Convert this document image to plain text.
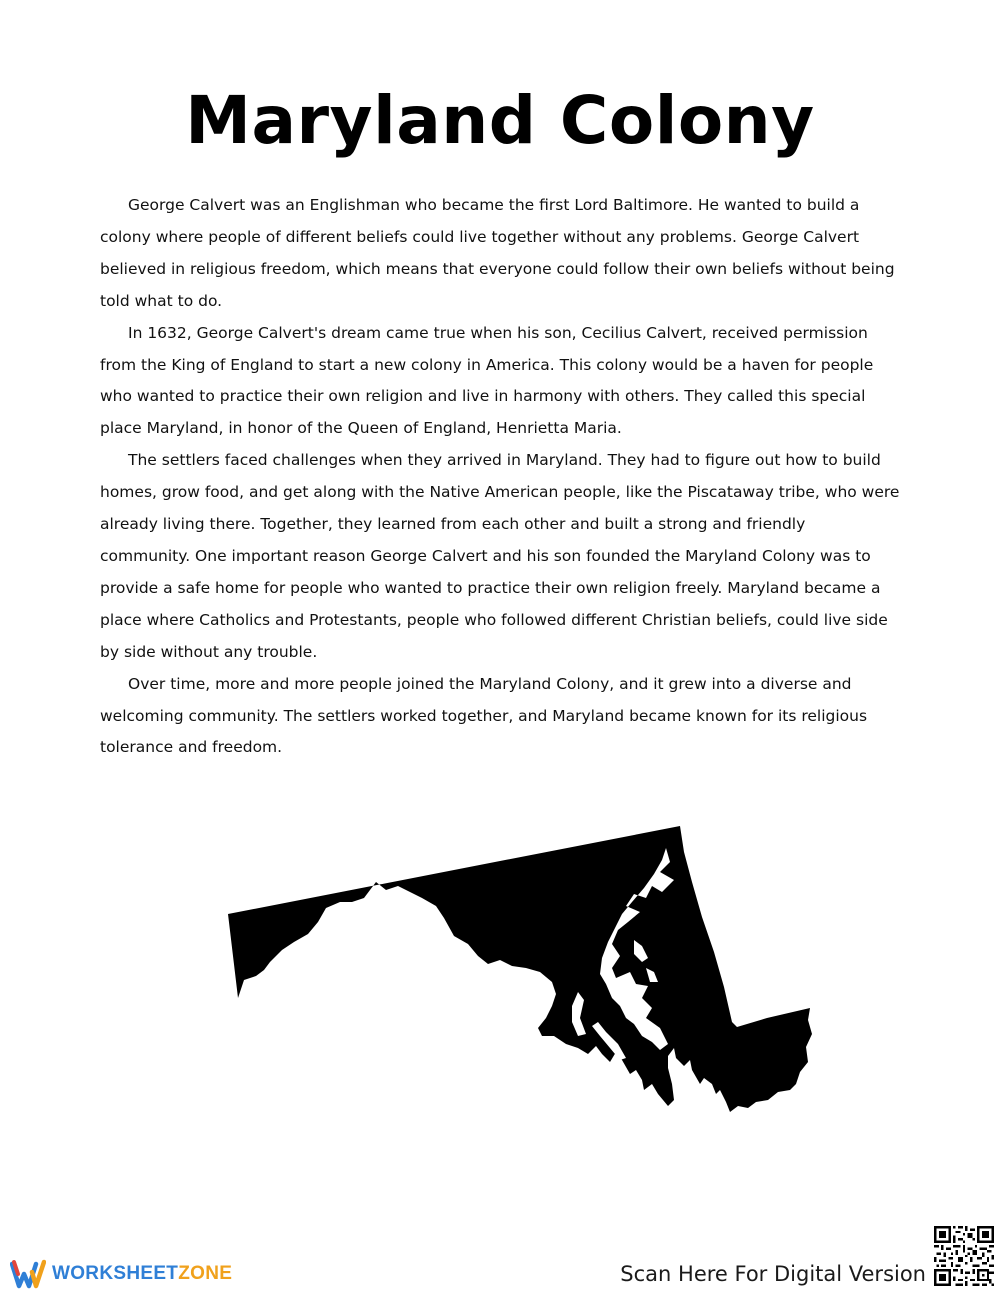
Maryland Colony

George Calvert was an Englishman who became the first Lord Baltimore. He wanted to build a colony where people of different beliefs could live together without any problems. George Calvert believed in religious freedom, which means that everyone could follow their own beliefs without being told what to do.

In 1632, George Calvert's dream came true when his son, Cecilius Calvert, received permission from the King of England to start a new colony in America. This colony would be a haven for people who wanted to practice their own religion and live in harmony with others. They called this special place Maryland, in honor of the Queen of England, Henrietta Maria.

The settlers faced challenges when they arrived in Maryland. They had to figure out how to build homes, grow food, and get along with the Native American people, like the Piscataway tribe, who were already living there. Together, they learned from each other and built a strong and friendly community. One important reason George Calvert and his son founded the Maryland Colony was to provide a safe home for people who wanted to practice their own religion freely. Maryland became a place where Catholics and Protestants, people who followed different Christian beliefs, could live side by side without any trouble.

Over time, more and more people joined the Maryland Colony, and it grew into a diverse and welcoming community. The settlers worked together, and Maryland became known for its religious tolerance and freedom.

WORKSHEETZONE	Scan Here For Digital Version
